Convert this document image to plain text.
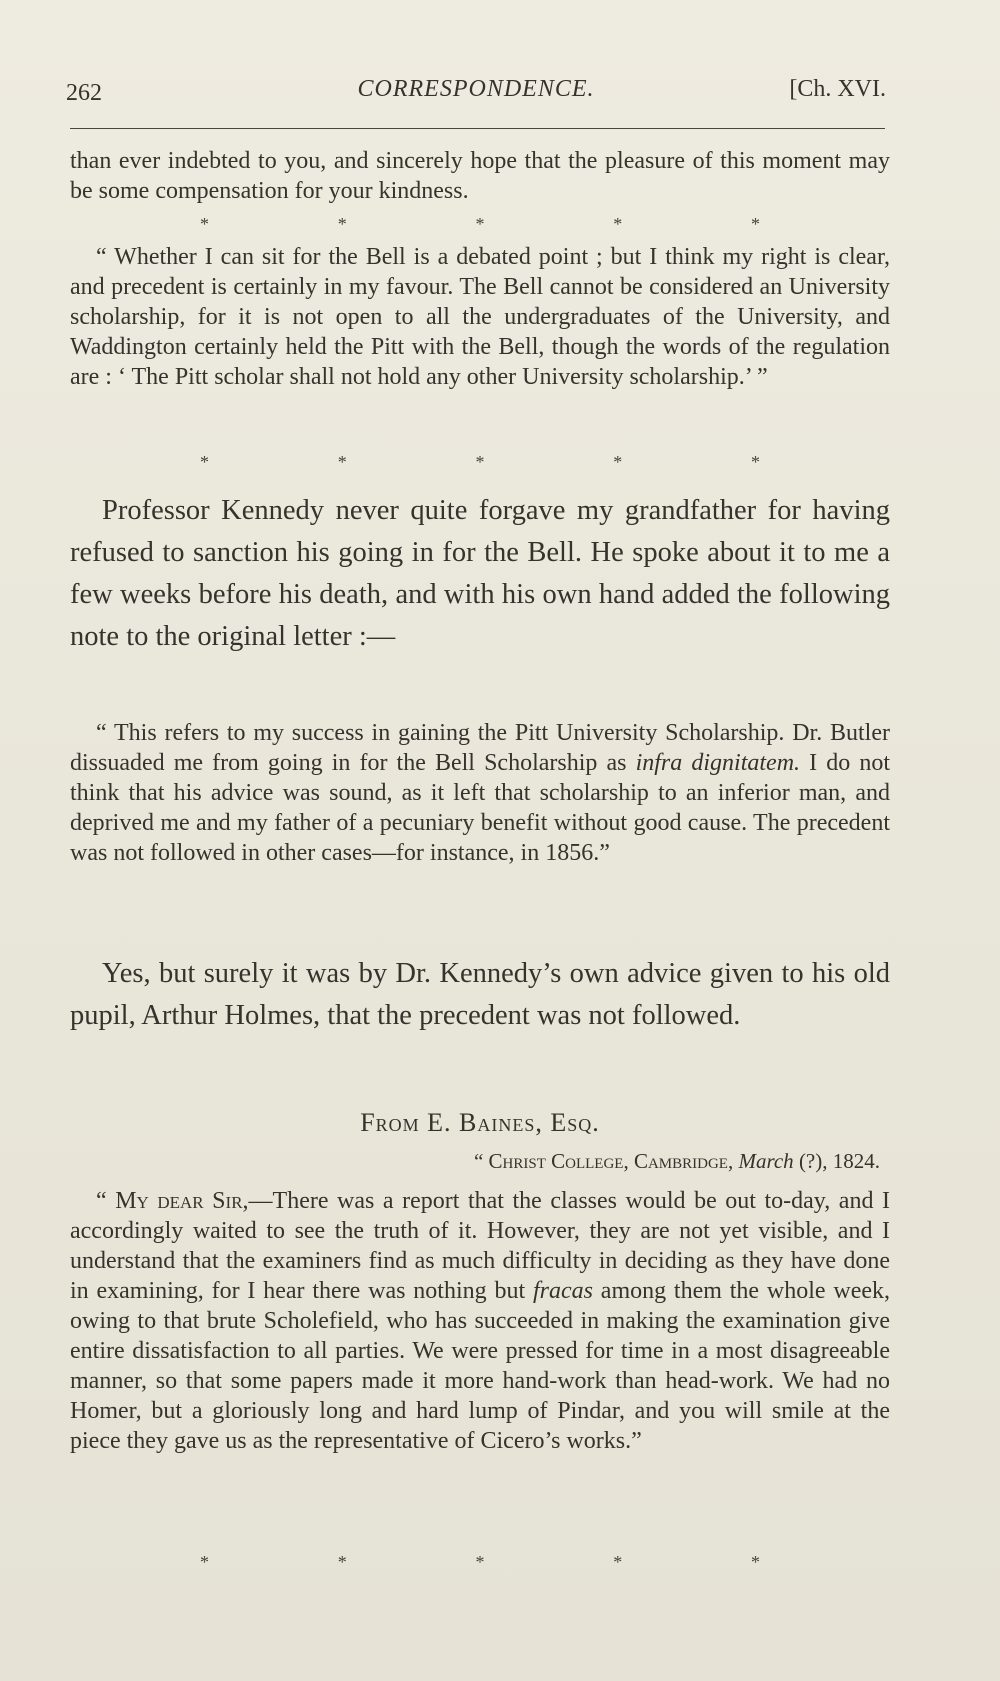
262	CORRESPONDENCE.	[Ch. XVI.

than ever indebted to you, and sincerely hope that the pleasure of this moment may be some compensation for your kindness.

*	*	*	*	*

“ Whether I can sit for the Bell is a debated point ; but I think my right is clear, and precedent is certainly in my favour. The Bell cannot be considered an University scholarship, for it is not open to all the undergraduates of the University, and Waddington certainly held the Pitt with the Bell, though the words of the regulation are : ‘ The Pitt scholar shall not hold any other University scholarship.’ ”

*	*	*	*	*

Professor Kennedy never quite forgave my grandfather for having refused to sanction his going in for the Bell. He spoke about it to me a few weeks before his death, and with his own hand added the following note to the original letter :—

“ This refers to my success in gaining the Pitt University Scholarship. Dr. Butler dissuaded me from going in for the Bell Scholarship as infra dignitatem. I do not think that his advice was sound, as it left that scholarship to an inferior man, and deprived me and my father of a pecuniary benefit without good cause. The precedent was not followed in other cases—for instance, in 1856.”

Yes, but surely it was by Dr. Kennedy’s own advice given to his old pupil, Arthur Holmes, that the precedent was not followed.

From E. Baines, Esq.
“ Christ College, Cambridge, March (?), 1824.

“ My dear Sir,—There was a report that the classes would be out to-day, and I accordingly waited to see the truth of it. However, they are not yet visible, and I understand that the examiners find as much difficulty in deciding as they have done in examining, for I hear there was nothing but fracas among them the whole week, owing to that brute Scholefield, who has succeeded in making the examination give entire dissatisfaction to all parties. We were pressed for time in a most disagreeable manner, so that some papers made it more hand-work than head-work. We had no Homer, but a gloriously long and hard lump of Pindar, and you will smile at the piece they gave us as the representative of Cicero’s works.”

*	*	*	*	*
